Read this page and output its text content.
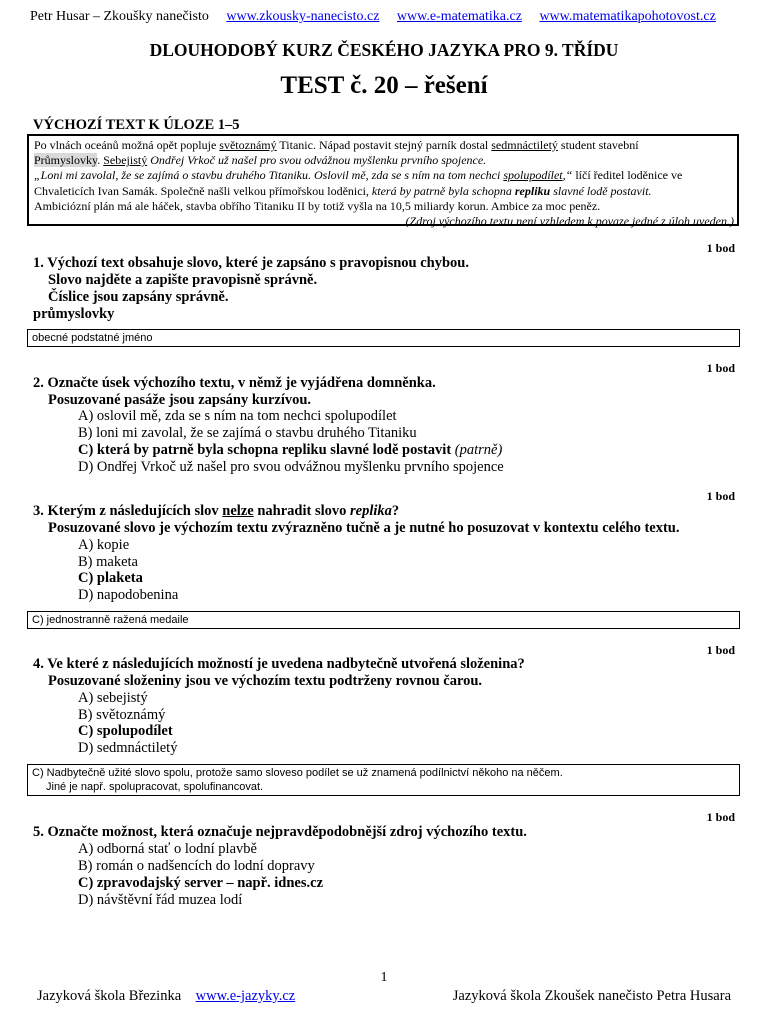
Petr Husar – Zkoušky nanečisto www.zkousky-nanecisto.cz www.e-matematika.cz www.matematikapohotovost.cz
DLOUHODOBÝ KURZ ČESKÉHO JAZYKA PRO 9. TŘÍDU
TEST č. 20 – řešení
VÝCHOZÍ TEXT K ÚLOZE 1–5
Po vlnách oceánů možná opět popluje světoznámý Titanic. Nápad postavit stejný parník dostal sedmnáctiletý student stavební
Průmyslovky. Sebejistý Ondřej Vrkoč už našel pro svou odvážnou myšlenku prvního spojence.
„Loni mi zavolal, že se zajímá o stavbu druhého Titaniku. Oslovil mě, zda se s ním na tom nechci spolupodílet,“ líčí ředitel loděnice ve
Chvaleticích Ivan Samák. Společně našli velkou přímořskou loděnici, která by patrně byla schopna repliku slavné lodě postavit.
Ambiciózní plán má ale háček, stavba obřího Titaniku II by totiž vyšla na 10,5 miliardy korun. Ambice za moc peněz.
(Zdroj výchozího textu není vzhledem k povaze jedné z úloh uveden.)
1 bod
1. Výchozí text obsahuje slovo, které je zapsáno s pravopisnou chybou.
Slovo najděte a zapište pravopisně správně.
Číslice jsou zapsány správně.
průmyslovky
obecné podstatné jméno
1 bod
2. Označte úsek výchozího textu, v němž je vyjádřena domněnka.
Posuzované pasáže jsou zapsány kurzívou.
A) oslovil mě, zda se s ním na tom nechci spolupodílet
B) loni mi zavolal, že se zajímá o stavbu druhého Titaniku
C) která by patrně byla schopna repliku slavné lodě postavit (patrně)
D) Ondřej Vrkoč už našel pro svou odvážnou myšlenku prvního spojence
1 bod
3. Kterým z následujících slov nelze nahradit slovo replika?
Posuzované slovo je výchozím textu zvýrazněno tučně a je nutné ho posuzovat v kontextu celého textu.
A) kopie
B) maketa
C) plaketa
D) napodobenina
C) jednostranně ražená medaile
1 bod
4. Ve které z následujících možností je uvedena nadbytečně utvořená složenina?
Posuzované složeniny jsou ve výchozím textu podtrženy rovnou čarou.
A) sebejistý
B) světoznámý
C) spolupodílet
D) sedmnáctiletý
C) Nadbytečně užité slovo spolu, protože samo sloveso podílet se už znamená podílnictví někoho na něčem.
Jiné je např. spolupracovat, spolufinancovat.
1 bod
5. Označte možnost, která označuje nejpravděpodobnější zdroj výchozího textu.
A) odborná stať o lodní plavbě
B) román o nadšencích do lodní dopravy
C) zpravodajský server – např. idnes.cz
D) návštěvní řád muzea lodí
1
Jazyková škola Březinka www.e-jazyky.cz	Jazyková škola Zkoušek nanečisto Petra Husara
